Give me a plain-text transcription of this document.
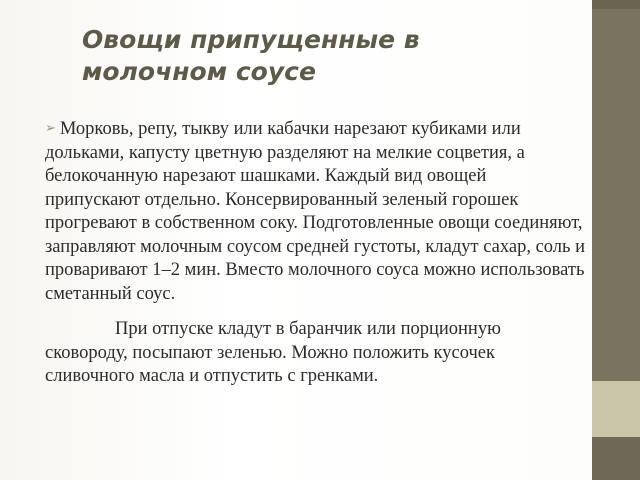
Овощи припущенные в молочном соусе

➢ Морковь, репу, тыкву или кабачки нарезают кубиками или дольками, капусту цветную разделяют на мелкие соцветия, а белокочанную нарезают шашками. Каждый вид овощей припускают отдельно. Консервированный зеленый горошек прогревают в собственном соку. Подготовленные овощи соединяют, заправляют молочным соусом средней густоты, кладут сахар, соль и проваривают 1–2 мин. Вместо молочного соуса можно использовать сметанный соус.

При отпуске кладут в баранчик или порционную сковороду, посыпают зеленью. Можно положить кусочек сливочного масла и отпустить с гренками.
